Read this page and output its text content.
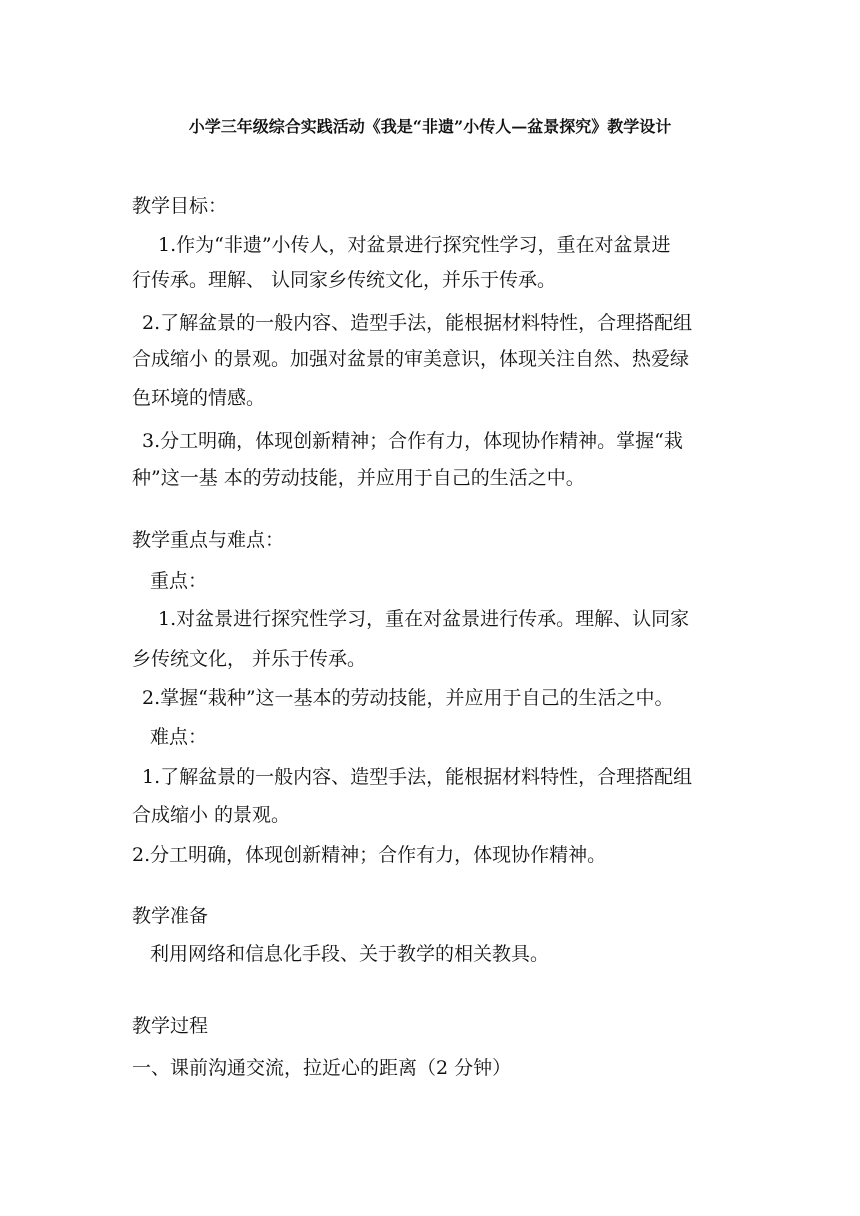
小学三年级综合实践活动《我是“非遗”小传人—盆景探究》教学设计
教学目标：
1.作为“非遗”小传人，对盆景进行探究性学习，重在对盆景进
行传承。理解、 认同家乡传统文化，并乐于传承。
2.了解盆景的一般内容、造型手法，能根据材料特性，合理搭配组
合成缩小 的景观。加强对盆景的审美意识，体现关注自然、热爱绿
色环境的情感。
3.分工明确，体现创新精神；合作有力，体现协作精神。掌握“栽
种”这一基 本的劳动技能，并应用于自己的生活之中。
教学重点与难点：
重点：
1.对盆景进行探究性学习，重在对盆景进行传承。理解、认同家
乡传统文化， 并乐于传承。
2.掌握“栽种”这一基本的劳动技能，并应用于自己的生活之中。
难点：
1.了解盆景的一般内容、造型手法，能根据材料特性，合理搭配组
合成缩小 的景观。
2.分工明确，体现创新精神；合作有力，体现协作精神。
教学准备
利用网络和信息化手段、关于教学的相关教具。
教学过程
一、课前沟通交流，拉近心的距离（2 分钟）
